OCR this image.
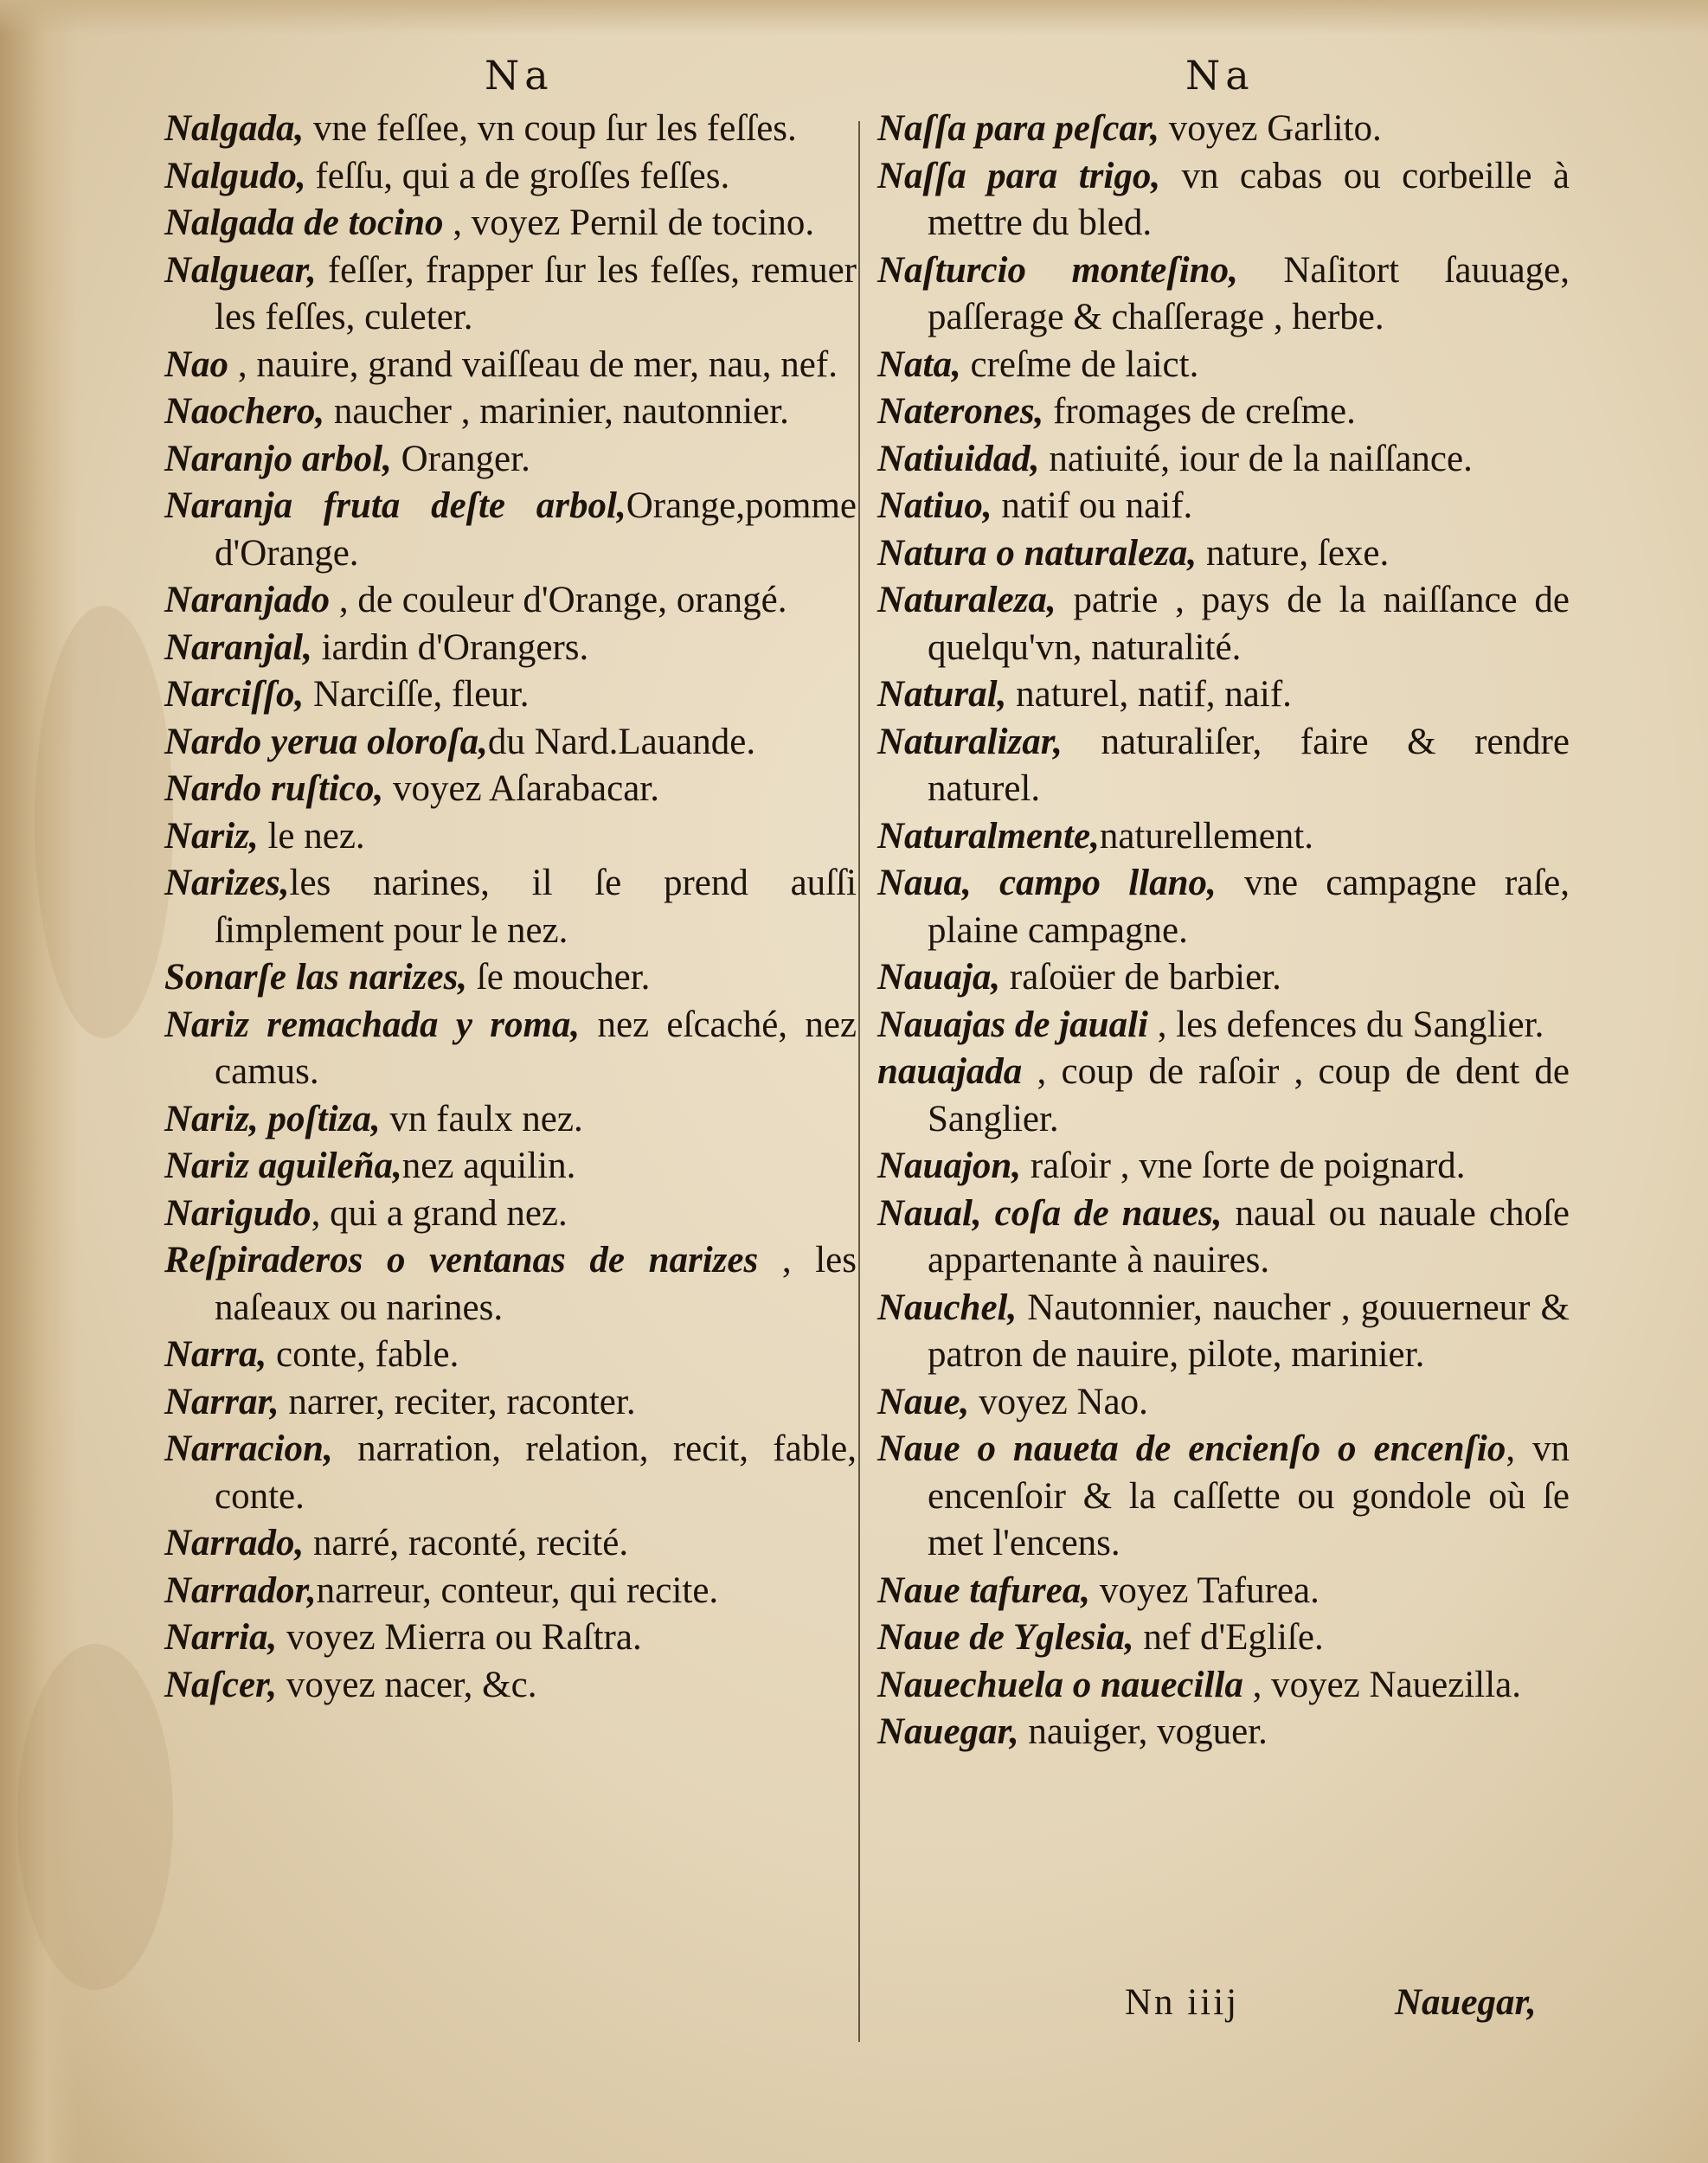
Na	Na
Nalgada, vne feſſee, vn coup ſur les feſſes.
Nalgudo, feſſu, qui a de groſſes feſſes.
Nalgada de tocino , voyez Pernil de tocino.
Nalguear, feſſer, frapper ſur les feſſes, remuer les feſſes, culeter.
Nao , nauire, grand vaiſſeau de mer, nau, nef.
Naochero, naucher , marinier, nautonnier.
Naranjo arbol, Oranger.
Naranja fruta deſte arbol,Orange,pomme d'Orange.
Naranjado , de couleur d'Orange, orangé.
Naranjal, iardin d'Orangers.
Narciſſo, Narciſſe, fleur.
Nardo yerua oloroſa,du Nard.Lauande.
Nardo ruſtico, voyez Aſarabacar.
Nariz, le nez.
Narizes,les narines, il ſe prend auſſi ſimplement pour le nez.
Sonarſe las narizes, ſe moucher.
Nariz remachada y roma, nez eſcaché, nez camus.
Nariz, poſtiza, vn faulx nez.
Nariz aguileña,nez aquilin.
Narigudo, qui a grand nez.
Reſpiraderos o ventanas de narizes , les naſeaux ou narines.
Narra, conte, fable.
Narrar, narrer, reciter, raconter.
Narracion, narration, relation, recit, fable, conte.
Narrado, narré, raconté, recité.
Narrador,narreur, conteur, qui recite.
Narria, voyez Mierra ou Raſtra.
Naſcer, voyez nacer, &c.
Naſſa para peſcar, voyez Garlito.
Naſſa para trigo, vn cabas ou corbeille à mettre du bled.
Naſturcio monteſino, Naſitort ſauuage, paſſerage & chaſſerage , herbe.
Nata, creſme de laict.
Naterones, fromages de creſme.
Natiuidad, natiuité, iour de la naiſſance.
Natiuo, natif ou naif.
Natura o naturaleza, nature, ſexe.
Naturaleza, patrie , pays de la naiſſance de quelqu'vn, naturalité.
Natural, naturel, natif, naif.
Naturalizar, naturaliſer, faire & rendre naturel.
Naturalmente,naturellement.
Naua, campo llano, vne campagne raſe, plaine campagne.
Nauaja, raſoüer de barbier.
Nauajas de jauali , les defences du Sanglier.
nauajada , coup de raſoir , coup de dent de Sanglier.
Nauajon, raſoir , vne ſorte de poignard.
Naual, coſa de naues, naual ou nauale choſe appartenante à nauires.
Nauchel, Nautonnier, naucher , gouuerneur & patron de nauire, pilote, marinier.
Naue, voyez Nao.
Naue o naueta de encienſo o encenſio, vn encenſoir & la caſſette ou gondole où ſe met l'encens.
Naue tafurea, voyez Tafurea.
Naue de Yglesia, nef d'Egliſe.
Nauechuela o nauecilla , voyez Nauezilla.
Nauegar, nauiger, voguer.
Nn iiij	Nauegar,
